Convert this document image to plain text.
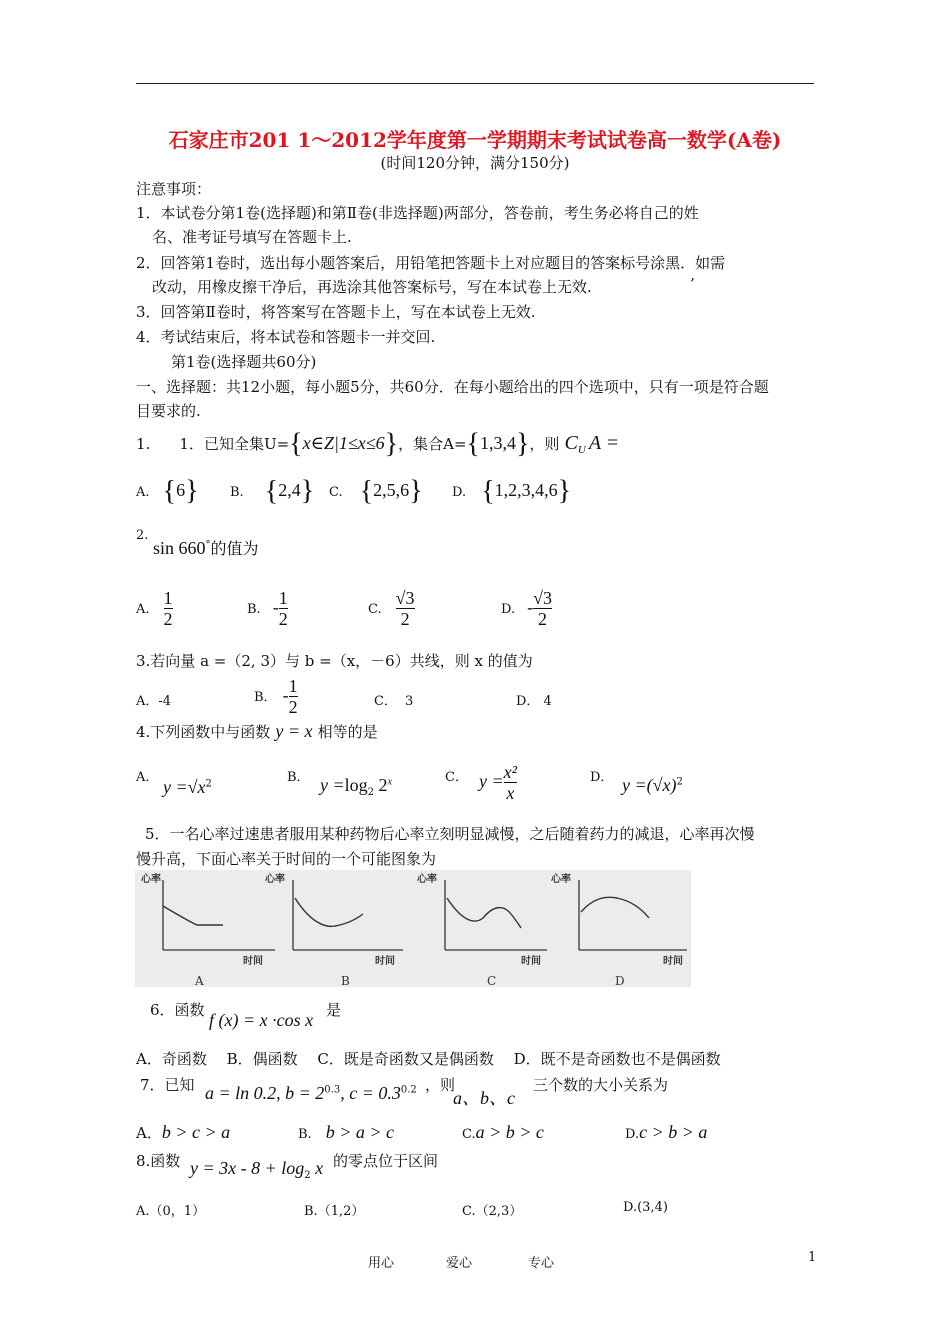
石家庄市201 1～2012学年度第一学期期末考试试卷高一数学(A卷)
(时间120分钟，满分150分)
注意事项：
1．本试卷分第1卷(选择题)和第Ⅱ卷(非选择题)两部分，答卷前，考生务必将自己的姓
名、准考证号填写在答题卡上.
2．回答第1卷时，选出每小题答案后，用铅笔把答题卡上对应题目的答案标号涂黑．如需
改动，用橡皮擦干净后，再选涂其他答案标号，写在本试卷上无效.	’
3．回答第Ⅱ卷时，将答案写在答题卡上，写在本试卷上无效.
4．考试结束后，将本试卷和答题卡一并交回.
第1卷(选择题共60分)
一、选择题：共12小题，每小题5分，共60分．在每小题给出的四个选项中，只有一项是符合题
目要求的.
1. 1．已知全集U={x∈Z|1≤x≤6}，集合A={1,3,4}，则 $C_U$ A =
A. {6} B. {2,4} C. {2,5,6} D. {1,2,3,4,6}
2.
sin 660°的值为
A. $\frac{1}{2}$	B. - $\frac{1}{2}$	C. $\frac{√3}{2}$	D. - $\frac{√3}{2}$
3.若向量 a =（2, 3）与 b =（x，－6）共线，则 x 的值为
A．-4	B． - $\frac{1}{2}$	C． 3	D． 4
4.下列函数中与函数 y = x 相等的是
A． $y =√x^2$	B． $y =\log_2$ 2$^x$	C． $y = \frac{\text{x²}}{x}$	D． $y =(√x)^2$
5．一名心率过速患者服用某种药物后心率立刻明显减慢，之后随着药力的减退，心率再次慢
慢升高，下面心率关于时间的一个可能图象为
心率
时间
A
心率
时间
B
心率
时间
C
心率
时间
D
6．函数 f (x) = x ·cos x 是
A．奇函数　 B．偶函数　 C．既是奇函数又是偶函数　 D．既不是奇函数也不是偶函数
7．已知 a = ln 0.2, $b = 2^{0.3}$, $c = 0.3^{0.2}$ ，则
a、b、c
三个数的大小关系为
A．b > c > a	B. b > a > c	C.a > b > c	D.c > b > a
8.函数 $y = 3x - 8 + \log_2 x$ 的零点位于区间
A.（0，1）	B.（1,2）	C.（2,3）	D.(3,4)
用心	爱心	专心	1
